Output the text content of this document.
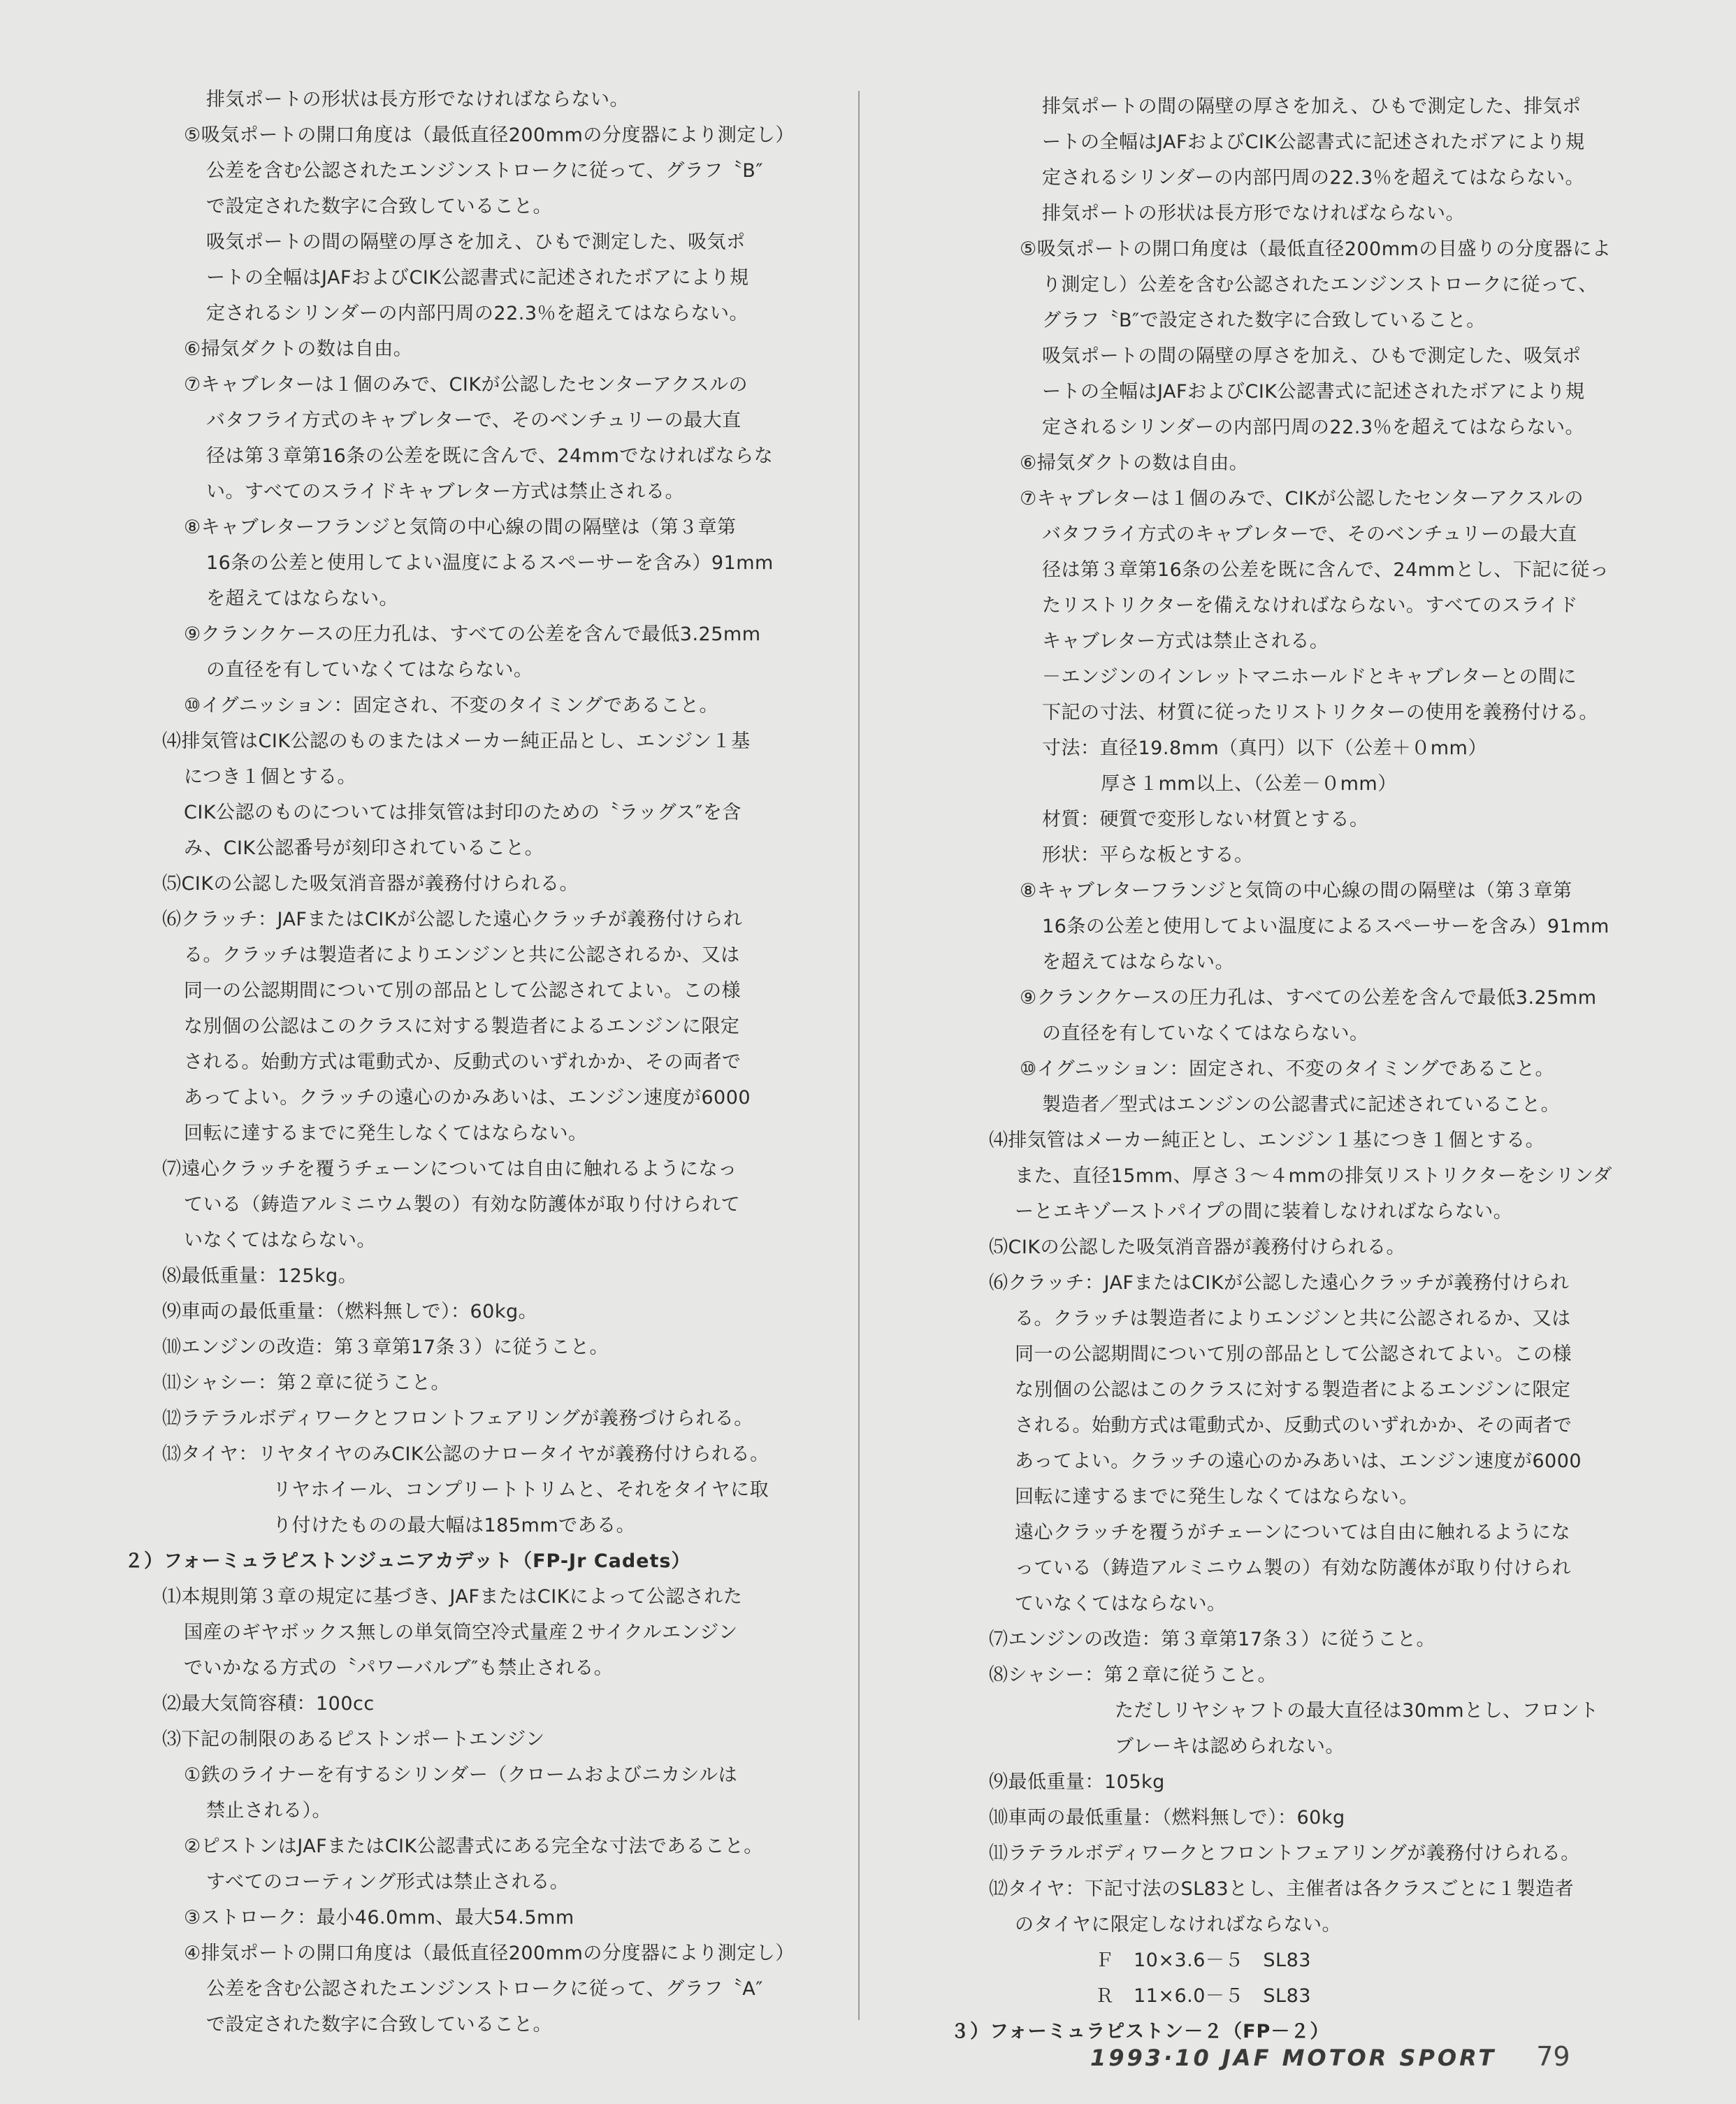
排気ポートの形状は長方形でなければならない。
⑤吸気ポートの開口角度は（最低直径200mmの分度器により測定し）
公差を含む公認されたエンジンストロークに従って、グラフ〝B″
で設定された数字に合致していること。
吸気ポートの間の隔壁の厚さを加え、ひもで測定した、吸気ポ
ートの全幅はJAFおよびCIK公認書式に記述されたボアにより規
定されるシリンダーの内部円周の22.3％を超えてはならない。
⑥掃気ダクトの数は自由。
⑦キャブレターは１個のみで、CIKが公認したセンターアクスルの
バタフライ方式のキャブレターで、そのベンチュリーの最大直
径は第３章第16条の公差を既に含んで、24mmでなければならな
い。すべてのスライドキャブレター方式は禁止される。
⑧キャブレターフランジと気筒の中心線の間の隔壁は（第３章第
16条の公差と使用してよい温度によるスペーサーを含み）91mm
を超えてはならない。
⑨クランクケースの圧力孔は、すべての公差を含んで最低3.25mm
の直径を有していなくてはならない。
⑩イグニッション：固定され、不変のタイミングであること。
⑷排気管はCIK公認のものまたはメーカー純正品とし、エンジン１基
につき１個とする。
CIK公認のものについては排気管は封印のための〝ラッグス″を含
み、CIK公認番号が刻印されていること。
⑸CIKの公認した吸気消音器が義務付けられる。
⑹クラッチ：JAFまたはCIKが公認した遠心クラッチが義務付けられ
る。クラッチは製造者によりエンジンと共に公認されるか、又は
同一の公認期間について別の部品として公認されてよい。この様
な別個の公認はこのクラスに対する製造者によるエンジンに限定
される。始動方式は電動式か、反動式のいずれかか、その両者で
あってよい。クラッチの遠心のかみあいは、エンジン速度が6000
回転に達するまでに発生しなくてはならない。
⑺遠心クラッチを覆うチェーンについては自由に触れるようになっ
ている（鋳造アルミニウム製の）有効な防護体が取り付けられて
いなくてはならない。
⑻最低重量：125kg。
⑼車両の最低重量：（燃料無しで）：60kg。
⑽エンジンの改造：第３章第17条３）に従うこと。
⑾シャシー：第２章に従うこと。
⑿ラテラルボディワークとフロントフェアリングが義務づけられる。
⒀タイヤ：リヤタイヤのみCIK公認のナロータイヤが義務付けられる。
リヤホイール、コンプリートトリムと、それをタイヤに取
り付けたものの最大幅は185mmである。
２）フォーミュラピストンジュニアカデット（FP-Jr Cadets）
⑴本規則第３章の規定に基づき、JAFまたはCIKによって公認された
国産のギヤボックス無しの単気筒空冷式量産２サイクルエンジン
でいかなる方式の〝パワーバルブ″も禁止される。
⑵最大気筒容積：100cc
⑶下記の制限のあるピストンポートエンジン
①鉄のライナーを有するシリンダー（クロームおよびニカシルは
禁止される）。
②ピストンはJAFまたはCIK公認書式にある完全な寸法であること。
すべてのコーティング形式は禁止される。
③ストローク：最小46.0mm、最大54.5mm
④排気ポートの開口角度は（最低直径200mmの分度器により測定し）
公差を含む公認されたエンジンストロークに従って、グラフ〝A″
で設定された数字に合致していること。
排気ポートの間の隔壁の厚さを加え、ひもで測定した、排気ポ
ートの全幅はJAFおよびCIK公認書式に記述されたボアにより規
定されるシリンダーの内部円周の22.3％を超えてはならない。
排気ポートの形状は長方形でなければならない。
⑤吸気ポートの開口角度は（最低直径200mmの目盛りの分度器によ
り測定し）公差を含む公認されたエンジンストロークに従って、
グラフ〝B″で設定された数字に合致していること。
吸気ポートの間の隔壁の厚さを加え、ひもで測定した、吸気ポ
ートの全幅はJAFおよびCIK公認書式に記述されたボアにより規
定されるシリンダーの内部円周の22.3％を超えてはならない。
⑥掃気ダクトの数は自由。
⑦キャブレターは１個のみで、CIKが公認したセンターアクスルの
バタフライ方式のキャブレターで、そのベンチュリーの最大直
径は第３章第16条の公差を既に含んで、24mmとし、下記に従っ
たリストリクターを備えなければならない。すべてのスライド
キャブレター方式は禁止される。
－エンジンのインレットマニホールドとキャブレターとの間に
下記の寸法、材質に従ったリストリクターの使用を義務付ける。
寸法：直径19.8mm（真円）以下（公差＋０mm）
厚さ１mm以上、（公差－０mm）
材質：硬質で変形しない材質とする。
形状：平らな板とする。
⑧キャブレターフランジと気筒の中心線の間の隔壁は（第３章第
16条の公差と使用してよい温度によるスペーサーを含み）91mm
を超えてはならない。
⑨クランクケースの圧力孔は、すべての公差を含んで最低3.25mm
の直径を有していなくてはならない。
⑩イグニッション：固定され、不変のタイミングであること。
製造者／型式はエンジンの公認書式に記述されていること。
⑷排気管はメーカー純正とし、エンジン１基につき１個とする。
また、直径15mm、厚さ３～４mmの排気リストリクターをシリンダ
ーとエキゾーストパイプの間に装着しなければならない。
⑸CIKの公認した吸気消音器が義務付けられる。
⑹クラッチ：JAFまたはCIKが公認した遠心クラッチが義務付けられ
る。クラッチは製造者によりエンジンと共に公認されるか、又は
同一の公認期間について別の部品として公認されてよい。この様
な別個の公認はこのクラスに対する製造者によるエンジンに限定
される。始動方式は電動式か、反動式のいずれかか、その両者で
あってよい。クラッチの遠心のかみあいは、エンジン速度が6000
回転に達するまでに発生しなくてはならない。
遠心クラッチを覆うがチェーンについては自由に触れるようにな
っている（鋳造アルミニウム製の）有効な防護体が取り付けられ
ていなくてはならない。
⑺エンジンの改造：第３章第17条３）に従うこと。
⑻シャシー：第２章に従うこと。
ただしリヤシャフトの最大直径は30mmとし、フロント
ブレーキは認められない。
⑼最低重量：105kg
⑽車両の最低重量：（燃料無しで）：60kg
⑾ラテラルボディワークとフロントフェアリングが義務付けられる。
⑿タイヤ：下記寸法のSL83とし、主催者は各クラスごとに１製造者
のタイヤに限定しなければならない。
Ｆ　10×3.6－５　SL83
Ｒ　11×6.0－５　SL83
３）フォーミュラピストン－２（FP－２）
1993·10 JAF MOTOR SPORT 79
